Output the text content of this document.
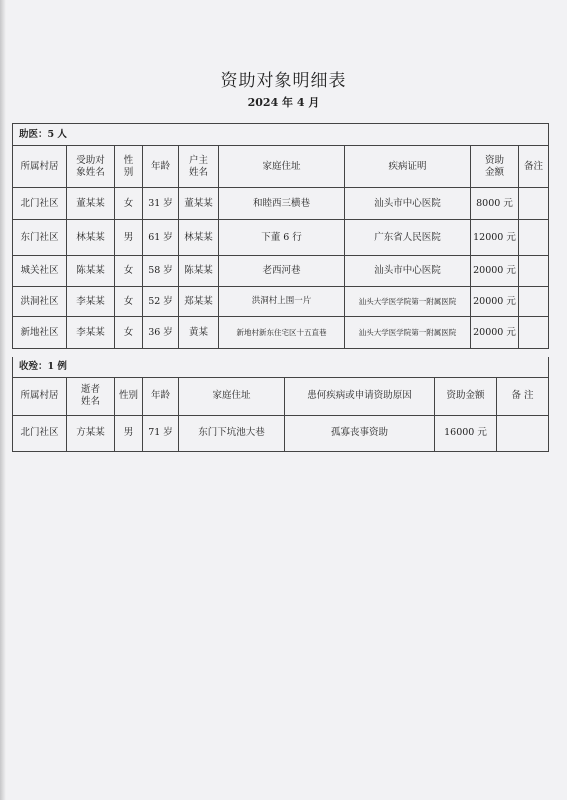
资助对象明细表
2024 年 4 月
助医：5 人								
所属村居	受助对象姓名	性别	年龄	户主姓名	家庭住址	疾病证明	资助金额	备注
北门社区	董某某	女	31 岁	董某某	和睦西三横巷	汕头市中心医院	8000 元	
东门社区	林某某	男	61 岁	林某某	下董 6 行	广东省人民医院	12000 元	
城关社区	陈某某	女	58 岁	陈某某	老西河巷	汕头市中心医院	20000 元	
洪洞社区	李某某	女	52 岁	郑某某	洪洞村上围一片	汕头大学医学院第一附属医院	20000 元	
新地社区	李某某	女	36 岁	黄某	新地村新东住宅区十五直巷	汕头大学医学院第一附属医院	20000 元	
收殓：1 例							
所属村居	逝者姓名	性别	年龄	家庭住址	患何疾病或申请资助原因	资助金额	备 注
北门社区	方某某	男	71 岁	东门下坑池大巷	孤寡丧事资助	16000 元	
